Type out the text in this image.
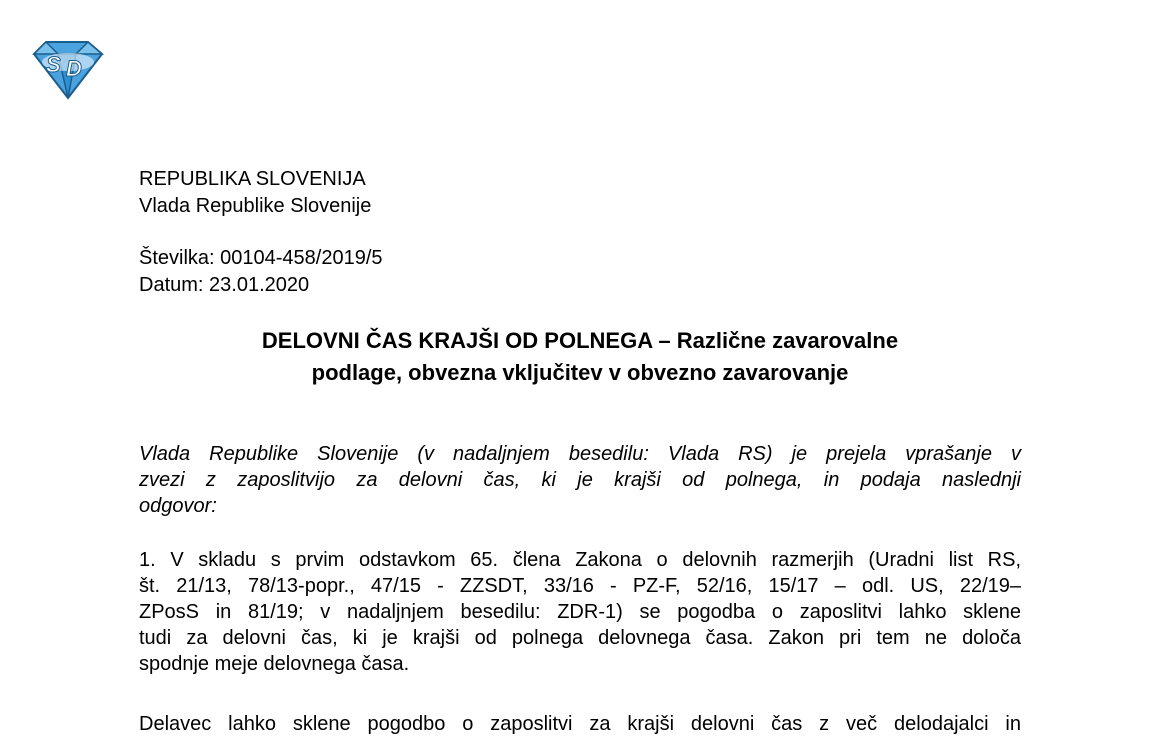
S D
REPUBLIKA SLOVENIJA
Vlada Republike Slovenije
Številka: 00104-458/2019/5
Datum: 23.01.2020
DELOVNI ČAS KRAJŠI OD POLNEGA – Različne zavarovalne
podlage, obvezna vključitev v obvezno zavarovanje
Vlada Republike Slovenije (v nadaljnjem besedilu: Vlada RS) je prejela vprašanje v
zvezi z zaposlitvijo za delovni čas, ki je krajši od polnega, in podaja naslednji
odgovor:
1. V skladu s prvim odstavkom 65. člena Zakona o delovnih razmerjih (Uradni list RS,
št. 21/13, 78/13-popr., 47/15 - ZZSDT, 33/16 - PZ-F, 52/16, 15/17 – odl. US, 22/19–
ZPosS in 81/19; v nadaljnjem besedilu: ZDR-1) se pogodba o zaposlitvi lahko sklene
tudi za delovni čas, ki je krajši od polnega delovnega časa. Zakon pri tem ne določa
spodnje meje delovnega časa.
Delavec lahko sklene pogodbo o zaposlitvi za krajši delovni čas z več delodajalci in
